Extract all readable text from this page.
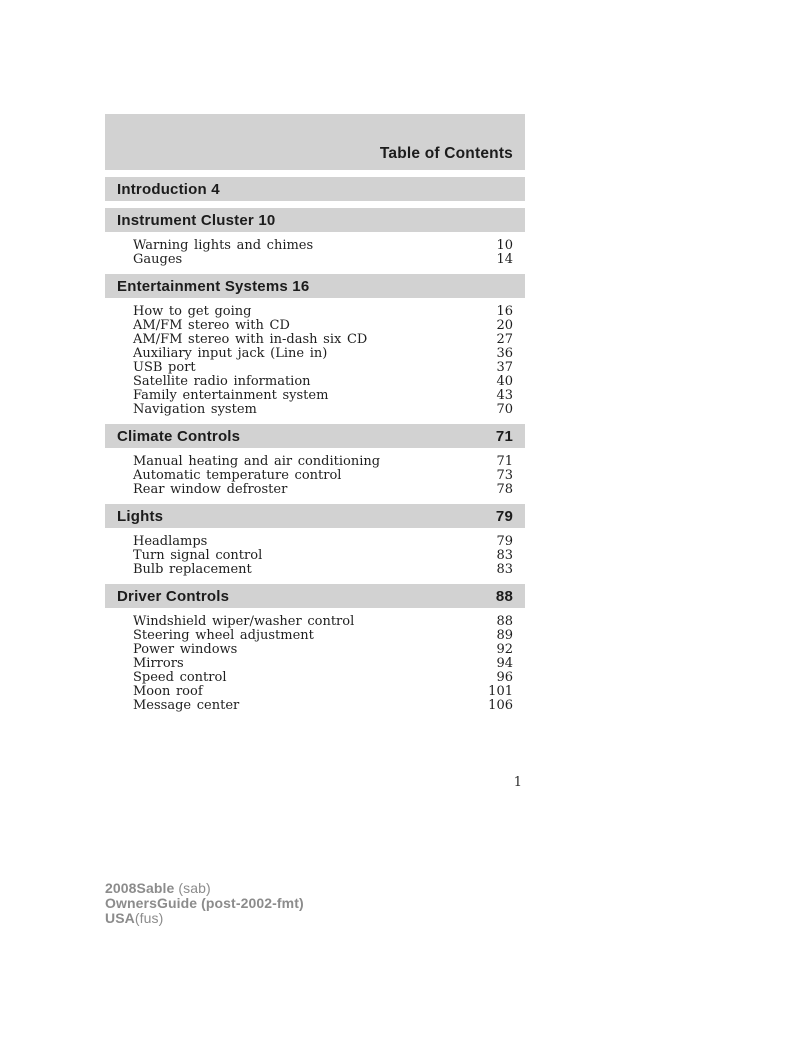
Table of Contents
Introduction 4
Instrument Cluster 10
Warning lights and chimes	10
Gauges	14
Entertainment Systems 16
How to get going	16
AM/FM stereo with CD	20
AM/FM stereo with in-dash six CD	27
Auxiliary input jack (Line in)	36
USB port	37
Satellite radio information	40
Family entertainment system	43
Navigation system	70
Climate Controls	71
Manual heating and air conditioning	71
Automatic temperature control	73
Rear window defroster	78
Lights	79
Headlamps	79
Turn signal control	83
Bulb replacement	83
Driver Controls	88
Windshield wiper/washer control	88
Steering wheel adjustment	89
Power windows	92
Mirrors	94
Speed control	96
Moon roof	101
Message center	106
1
2008Sable (sab)
OwnersGuide (post-2002-fmt)
USA(fus)
